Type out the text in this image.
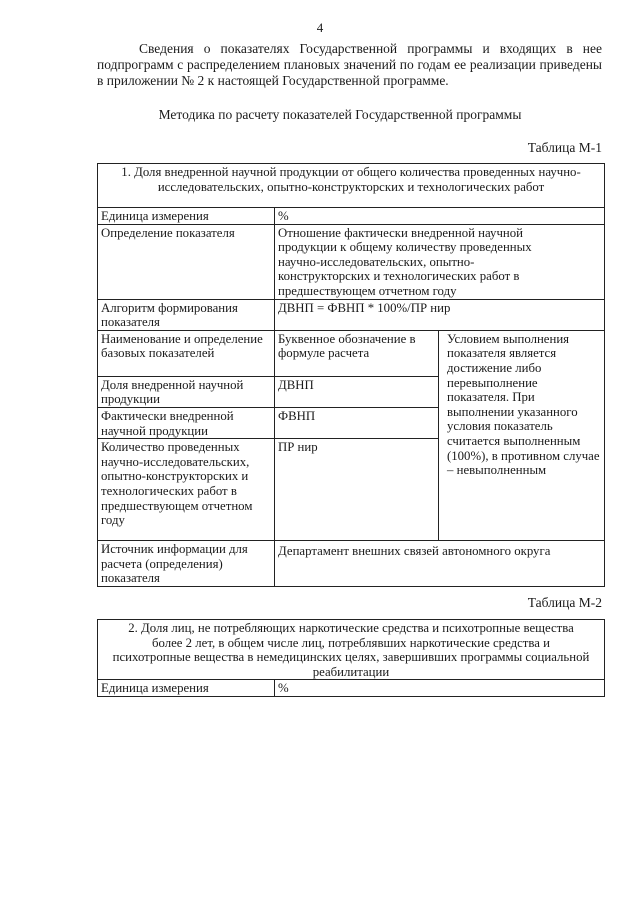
4
Сведения о показателях Государственной программы и входящих в нее подпрограмм с распределением плановых значений по годам ее реализации приведены в приложении № 2 к настоящей Государственной программе.
Методика по расчету показателей Государственной программы
Таблица М-1
1. Доля внедренной научной продукции от общего количества проведенных научно-исследовательских, опытно-конструкторских и технологических работ		
Единица измерения	%	
Определение показателя	Отношение фактически внедренной научной продукции к общему количеству проведенных научно-исследовательских, опытно-конструкторских и технологических работ в предшествующем отчетном году	
Алгоритм формирования показателя	ДВНП = ФВНП * 100%/ПР нир	
Наименование и определение базовых показателей	Буквенное обозначение в формуле расчета	Условием выполнения показателя является достижение либо перевыполнение показателя. При выполнении указанного условия показатель считается выполненным (100%), в противном случае – невыполненным
Доля внедренной научной продукции	ДВНП	
Фактически внедренной научной продукции	ФВНП	
Количество проведенных научно-исследовательских, опытно-конструкторских и технологических работ в предшествующем отчетном году	ПР нир	
Источник информации для расчета (определения) показателя	Департамент внешних связей автономного округа	
Таблица М-2
2. Доля лиц, не потребляющих наркотические средства и психотропные вещества более 2 лет, в общем числе лиц, потреблявших наркотические средства и психотропные вещества в немедицинских целях, завершивших программы социальной реабилитации
Единица измерения	%
